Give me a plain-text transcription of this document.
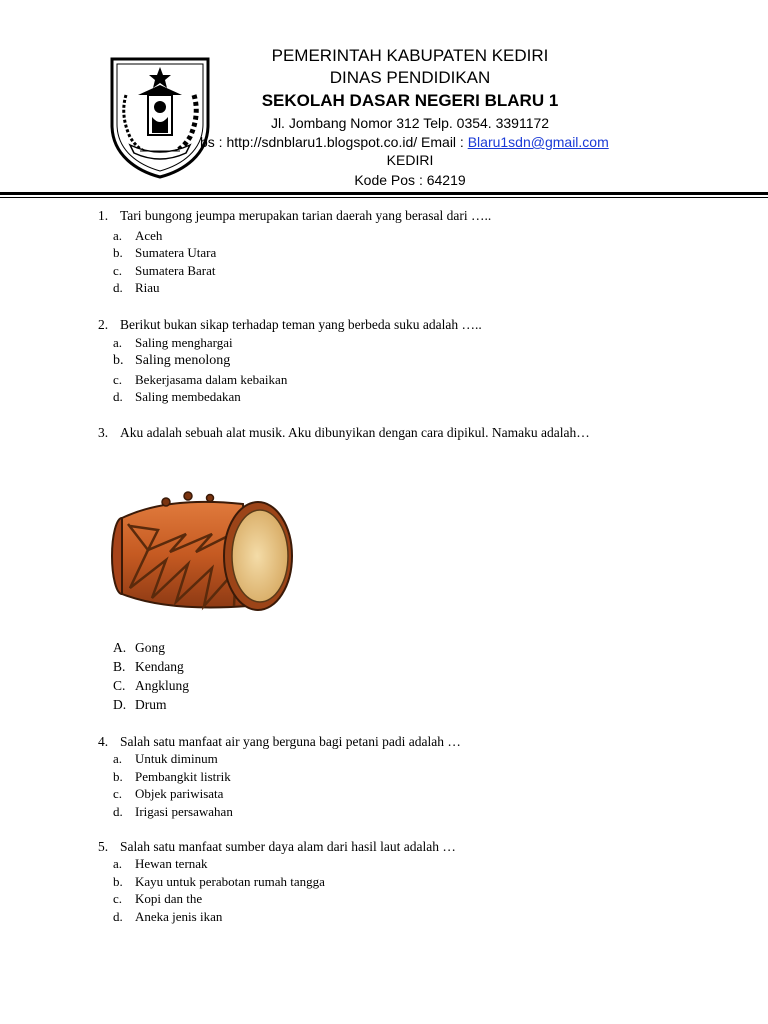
PEMERINTAH KABUPATEN KEDIRI
DINAS PENDIDIKAN
SEKOLAH DASAR NEGERI BLARU 1
Jl. Jombang Nomor 312 Telp. 0354. 3391172
bs : http://sdnblaru1.blogspot.co.id/ Email : Blaru1sdn@gmail.com
KEDIRI
Kode Pos : 64219
1. Tari bungong jeumpa merupakan tarian daerah yang berasal dari …..
a. Aceh
b. Sumatera Utara
c. Sumatera Barat
d. Riau
2. Berikut bukan sikap terhadap teman yang berbeda suku adalah …..
a. Saling menghargai
b. Saling menolong
c. Bekerjasama dalam kebaikan
d. Saling membedakan
3. Aku adalah sebuah alat musik. Aku dibunyikan dengan cara dipikul. Namaku adalah…
A. Gong
B. Kendang
C. Angklung
D. Drum
4. Salah satu manfaat air yang berguna bagi petani padi adalah …
a. Untuk diminum
b. Pembangkit listrik
c. Objek pariwisata
d. Irigasi persawahan
5. Salah satu manfaat sumber daya alam dari hasil laut adalah …
a. Hewan ternak
b. Kayu untuk perabotan rumah tangga
c. Kopi dan the
d. Aneka jenis ikan
